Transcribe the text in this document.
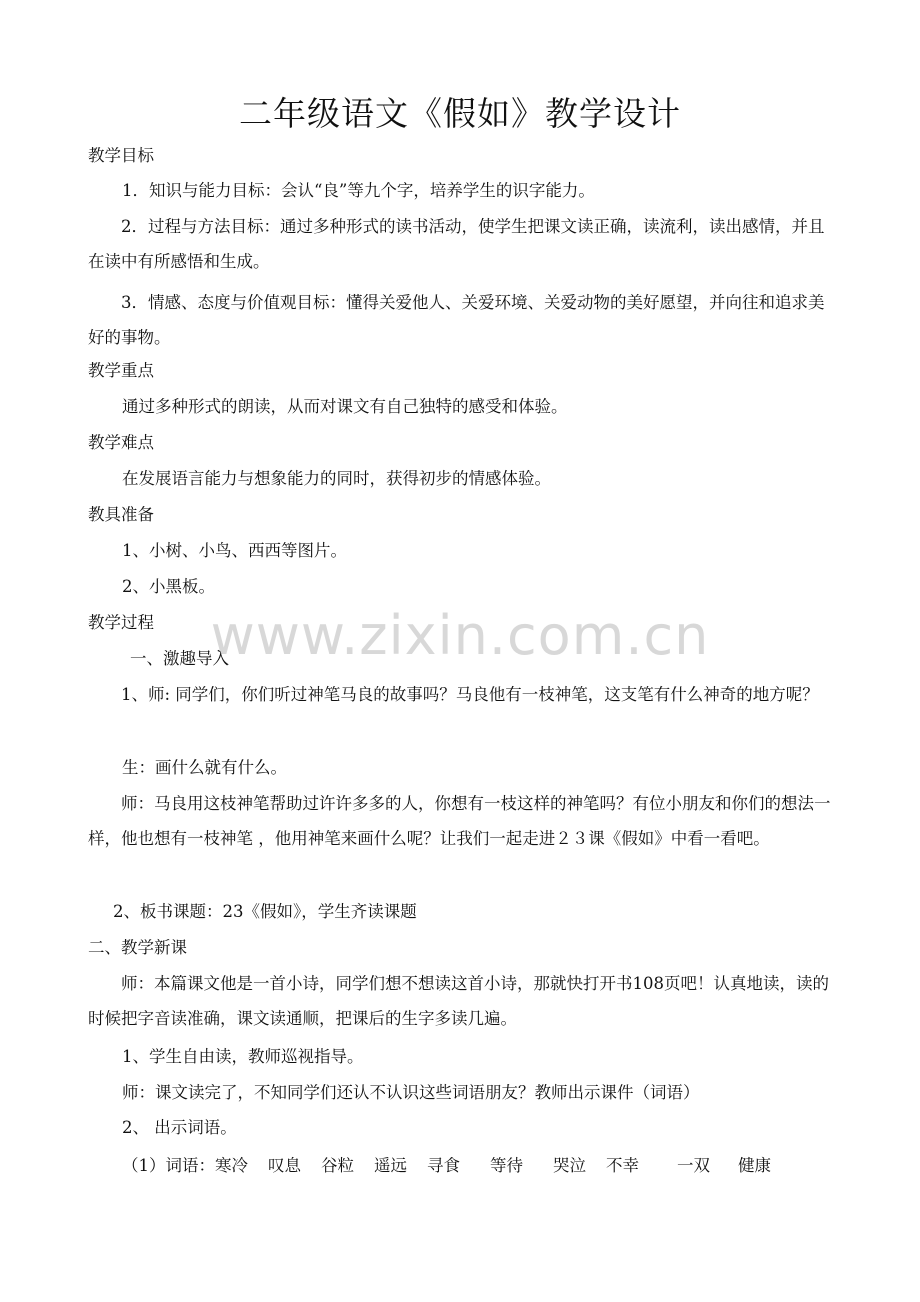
www.zixin.com.cn
二年级语文《假如》教学设计
教学目标
1．知识与能力目标：会认“良”等九个字，培养学生的识字能力。
2．过程与方法目标：通过多种形式的读书活动，使学生把课文读正确，读流利，读出感情，并且在读中有所感悟和生成。
3．情感、态度与价值观目标：懂得关爱他人、关爱环境、关爱动物的美好愿望，并向往和追求美好的事物。
教学重点
通过多种形式的朗读，从而对课文有自己独特的感受和体验。
教学难点
在发展语言能力与想象能力的同时，获得初步的情感体验。
教具准备
1、小树、小鸟、西西等图片。
2、小黑板。
教学过程
一、激趣导入
1、师: 同学们，你们听过神笔马良的故事吗？马良他有一枝神笔，这支笔有什么神奇的地方呢？
生：画什么就有什么。
师：马良用这枝神笔帮助过许许多多的人，你想有一枝这样的神笔吗？有位小朋友和你们的想法一样，他也想有一枝神笔 ，他用神笔来画什么呢？让我们一起走进２３课《假如》中看一看吧。
2、板书课题：23《假如》，学生齐读课题
二、教学新课
师：本篇课文他是一首小诗，同学们想不想读这首小诗，那就快打开书108页吧！认真地读，读的时候把字音读准确，课文读通顺，把课后的生字多读几遍。
1、学生自由读，教师巡视指导。
师：课文读完了，不知同学们还认不认识这些词语朋友？教师出示课件（词语）
2、 出示词语。
（1）词语：寒冷 叹息 谷粒 遥远 寻食 等待 哭泣 不幸 一双 健康
